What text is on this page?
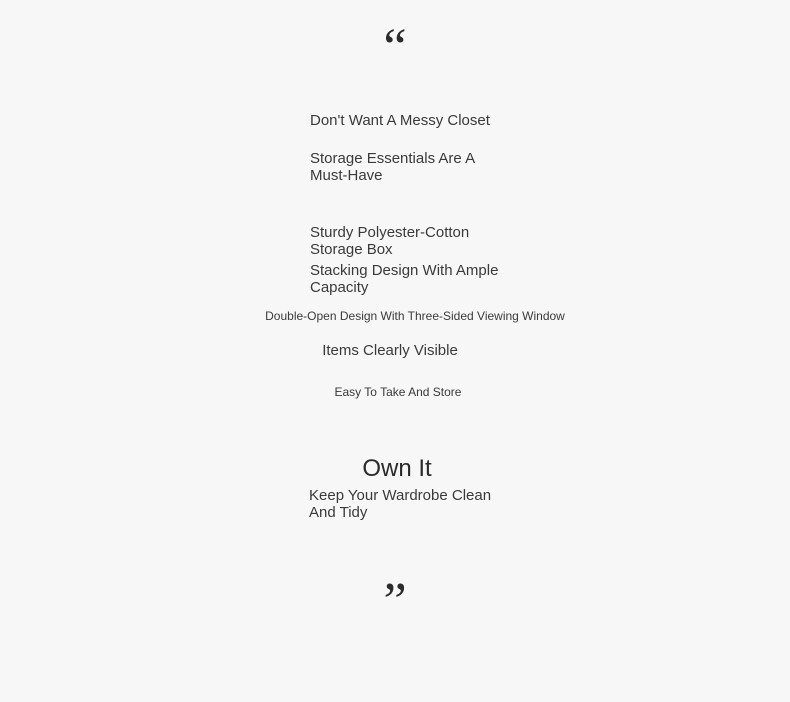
“
Don't Want A Messy Closet
Storage Essentials Are A Must-Have
Sturdy Polyester-Cotton Storage Box
Stacking Design With Ample Capacity
Double-Open Design With Three-Sided Viewing Window
Items Clearly Visible
Easy To Take And Store
Own It
Keep Your Wardrobe Clean And Tidy
”
